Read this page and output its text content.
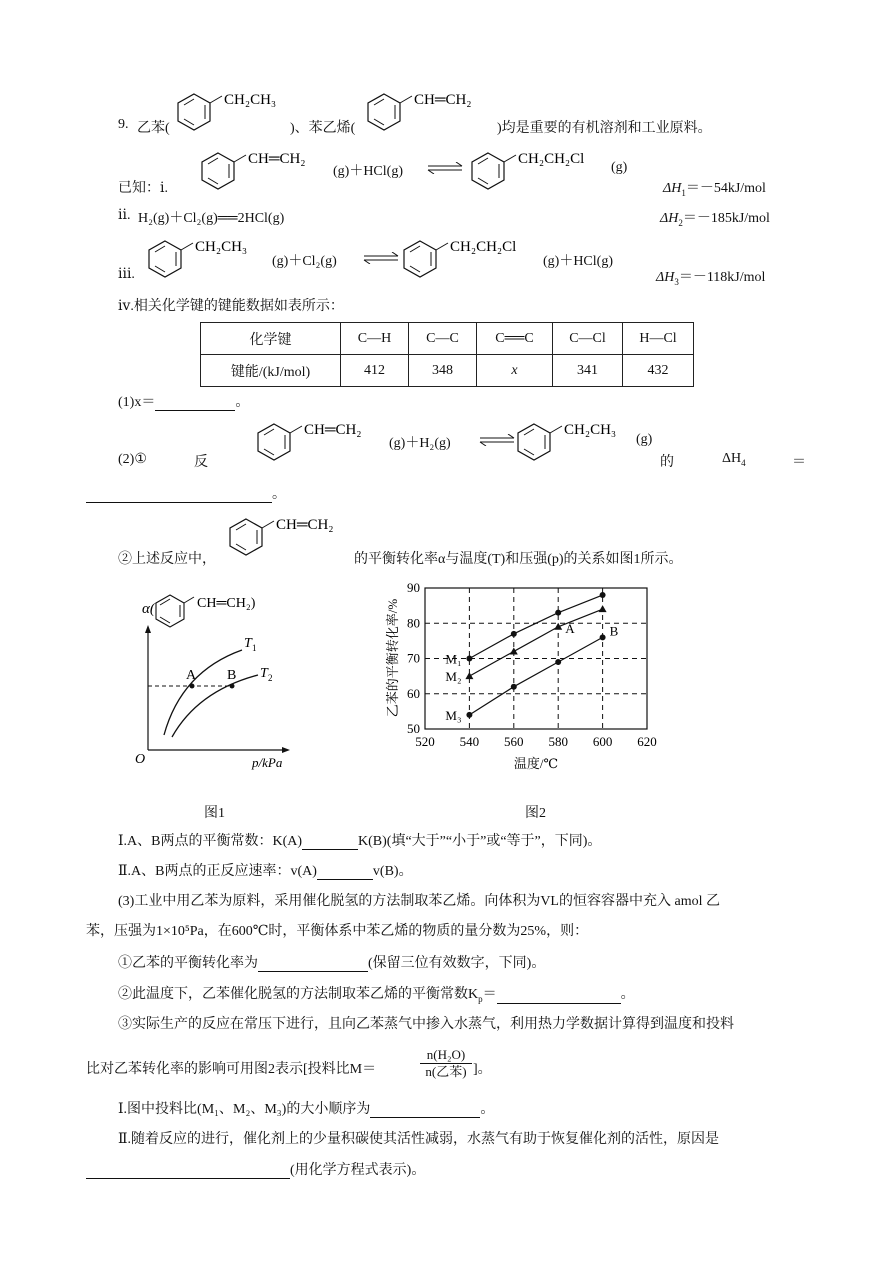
9. 乙苯(
CH₂CH₃
)、苯乙烯(
CH═CH₂
)均是重要的有机溶剂和工业原料。
已知：ⅰ.
CH═CH₂
(g)＋HCl(g)
CH₂CH₂Cl
(g)
$\Delta H_1=-54kJ$/mol
ⅱ. H₂(g)＋Cl₂(g)══2HCl(g)	$\Delta H_2=-185kJ$/mol
ⅲ.
CH₂CH₃
(g)＋Cl₂(g)
CH₂CH₂Cl
(g)＋HCl(g)
$\Delta H_3=-118kJ$/mol
ⅳ.相关化学键的键能数据如表所示：
化学键	C—H	C—C	C══C	C—Cl	H—Cl
键能/(kJ/mol)	412	348	x	341	432
(1)x＝	。
(2)①	反
CH═CH₂
(g)＋H₂(g)
CH₂CH₃
(g)
的	$\Delta H_4$	＝
。
②上述反应中，
CH═CH₂
的平衡转化率α与温度(T)和压强(p)的关系如图1所示。
α(	CH═CH₂)
A B
T 1
T 2
O	p/kPa
图1
520 540 560 580 600 620
50
60
70
80
90
M₁
M₂
M₃
A	B
乙苯的平衡转化率/%
温度/℃
图2
Ⅰ.A、B两点的平衡常数：K(A)	K(B)(填“大于”“小于”或“等于”，下同)。
Ⅱ.A、B两点的正反应速率：v(A)	v(B)。
(3)工业中用乙苯为原料，采用催化脱氢的方法制取苯乙烯。向体积为VL的恒容容器中充入 amol 乙
苯，压强为1×10⁵Pa，在600℃时，平衡体系中苯乙烯的物质的量分数为25%，则：
①乙苯的平衡转化率为	(保留三位有效数字，下同)。
②此温度下，乙苯催化脱氢的方法制取苯乙烯的平衡常数$K_p=$	。
③实际生产的反应在常压下进行，且向乙苯蒸气中掺入水蒸气，利用热力学数据计算得到温度和投料
比对乙苯转化率的影响可用图2表示[投料比M＝
n(H₂O)
n(乙苯) ]。
Ⅰ.图中投料比(M₁、M₂、M₃)的大小顺序为	。
Ⅱ.随着反应的进行，催化剂上的少量积碳使其活性减弱，水蒸气有助于恢复催化剂的活性，原因是
(用化学方程式表示)。
